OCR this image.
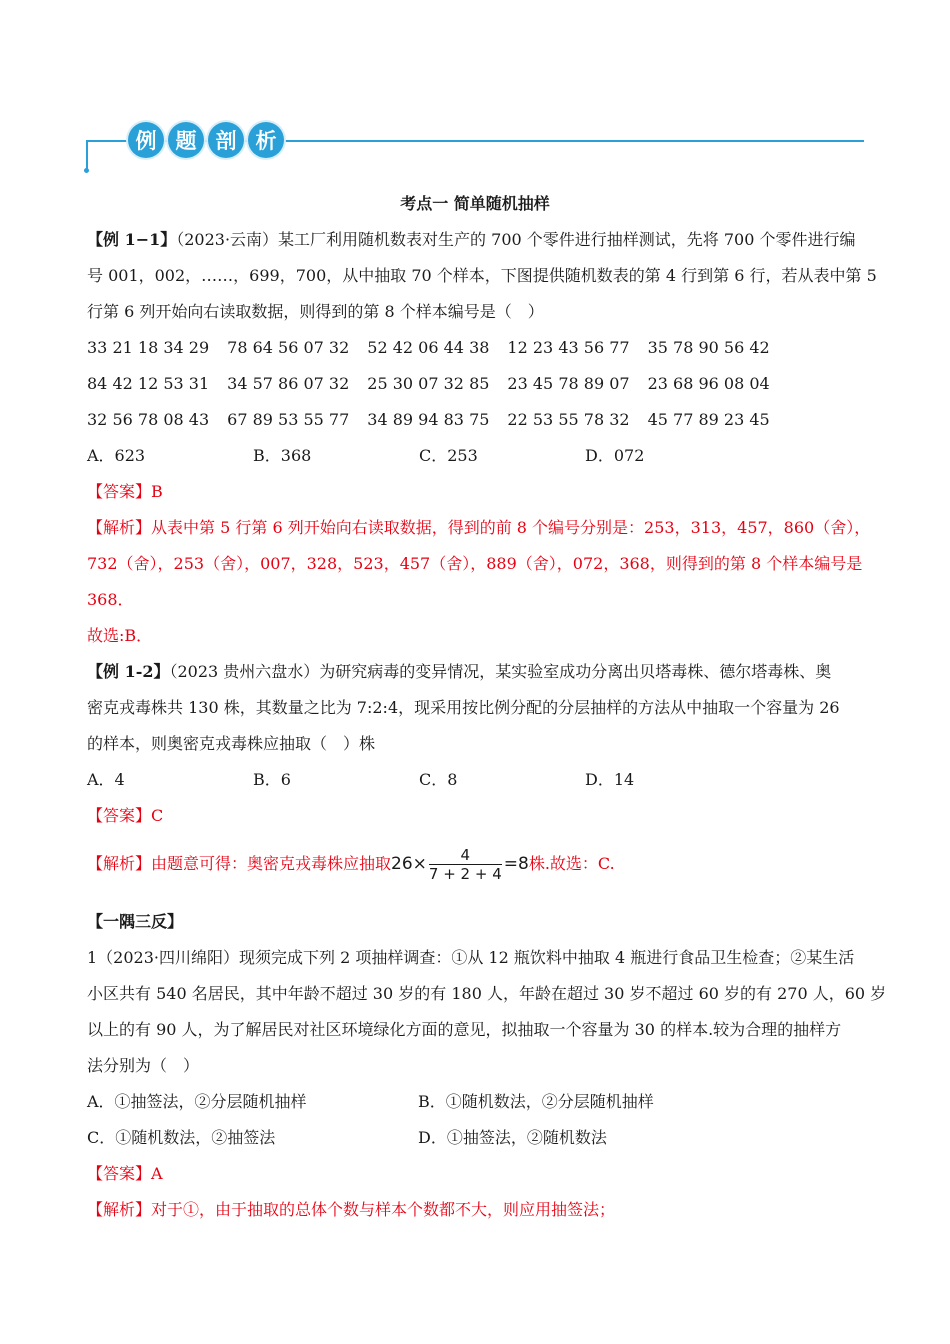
例 题 剖 析
考点一 简单随机抽样
【例 1−1】（2023·云南）某工厂利用随机数表对生产的 700 个零件进行抽样测试，先将 700 个零件进行编
号 001，002，……，699，700，从中抽取 70 个样本，下图提供随机数表的第 4 行到第 6 行，若从表中第 5
行第 6 列开始向右读取数据，则得到的第 8 个样本编号是（　）
33 21 18 34 29 78 64 56 07 32 52 42 06 44 38 12 23 43 56 77 35 78 90 56 42
84 42 12 53 31 34 57 86 07 32 25 30 07 32 85 23 45 78 89 07 23 68 96 08 04
32 56 78 08 43 67 89 53 55 77 34 89 94 83 75 22 53 55 78 32 45 77 89 23 45
A．623	B．368	C．253	D．072
【答案】B
【解析】从表中第 5 行第 6 列开始向右读取数据，得到的前 8 个编号分别是：253，313，457，860（舍），
732（舍），253（舍），007，328，523，457（舍），889（舍），072，368，则得到的第 8 个样本编号是
368．
故选:B．
【例 1-2】（2023 贵州六盘水）为研究病毒的变异情况，某实验室成功分离出贝塔毒株、德尔塔毒株、奥
密克戎毒株共 130 株，其数量之比为 7:2:4，现采用按比例分配的分层抽样的方法从中抽取一个容量为 26
的样本，则奥密克戎毒株应抽取（　）株
A．4	B．6	C．8	D．14
【答案】C
【解析】由题意可得：奥密克戎毒株应抽取$26\times \frac{4}{7 + 2 + 4} =8$株.故选：C.
【一隅三反】
1（2023·四川绵阳）现须完成下列 2 项抽样调查：①从 12 瓶饮料中抽取 4 瓶进行食品卫生检查；②某生活
小区共有 540 名居民，其中年龄不超过 30 岁的有 180 人，年龄在超过 30 岁不超过 60 岁的有 270 人，60 岁
以上的有 90 人，为了解居民对社区环境绿化方面的意见，拟抽取一个容量为 30 的样本.较为合理的抽样方
法分别为（　）
A．①抽签法，②分层随机抽样	B．①随机数法，②分层随机抽样
C．①随机数法，②抽签法	D．①抽签法，②随机数法
【答案】A
【解析】对于①，由于抽取的总体个数与样本个数都不大，则应用抽签法；
